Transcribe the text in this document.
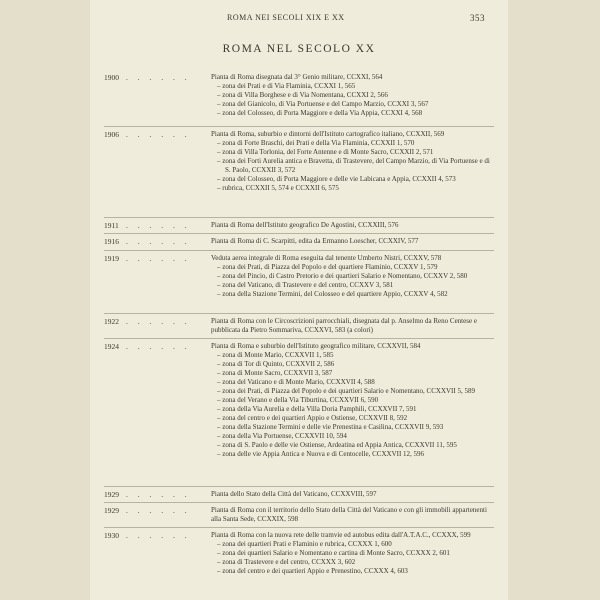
ROMA NEI SECOLI XIX E XX	353
ROMA NEL SECOLO XX
1900 . . . . . .	Pianta di Roma disegnata dal 3° Genio militare, CCXXI, 564
– zona dei Prati e di Via Flaminia, CCXXI 1, 565
– zona di Villa Borghese e di Via Nomentana, CCXXI 2, 566
– zona del Gianicolo, di Via Portuense e del Campo Marzio, CCXXI 3, 567
– zona del Colosseo, di Porta Maggiore e della Via Appia, CCXXI 4, 568
1906 . . . . . .	Pianta di Roma, suburbio e dintorni dell'Istituto cartografico italiano, CCXXII, 569
– zona di Forte Braschi, dei Prati e della Via Flaminia, CCXXII 1, 570
– zona di Villa Torlonia, del Forte Antenne e di Monte Sacro, CCXXII 2, 571
– zona dei Forti Aurelia antica e Bravetta, di Trastevere, del Campo Marzio, di Via Portuense e di S. Paolo, CCXXII 3, 572
– zona del Colosseo, di Porta Maggiore e delle vie Labicana e Appia, CCXXII 4, 573
– rubrica, CCXXII 5, 574 e CCXXII 6, 575
1911 . . . . . .	Pianta di Roma dell'Istituto geografico De Agostini, CCXXIII, 576
1916 . . . . . .	Pianta di Roma di C. Scarpitti, edita da Ermanno Loescher, CCXXIV, 577
1919 . . . . . .	Veduta aerea integrale di Roma eseguita dal tenente Umberto Nistri, CCXXV, 578
– zona dei Prati, di Piazza del Popolo e del quartiere Flaminio, CCXXV 1, 579
– zona del Pincio, di Castro Pretorio e dei quartieri Salario e Nomentano, CCXXV 2, 580
– zona del Vaticano, di Trastevere e del centro, CCXXV 3, 581
– zona della Stazione Termini, del Colosseo e del quartiere Appio, CCXXV 4, 582
1922 . . . . . .	Pianta di Roma con le Circoscrizioni parrocchiali, disegnata dal p. Anselmo da Reno Centese e pubblicata da Pietro Sommariva, CCXXVI, 583 (a colori)
1924 . . . . . .	Pianta di Roma e suburbio dell'Istituto geografico militare, CCXXVII, 584
– zona di Monte Mario, CCXXVII 1, 585
– zona di Tor di Quinto, CCXXVII 2, 586
– zona di Monte Sacro, CCXXVII 3, 587
– zona del Vaticano e di Monte Mario, CCXXVII 4, 588
– zona dei Prati, di Piazza del Popolo e dei quartieri Salario e Nomentano, CCXXVII 5, 589
– zona del Verano e della Via Tiburtina, CCXXVII 6, 590
– zona della Via Aurelia e della Villa Doria Pamphili, CCXXVII 7, 591
– zona del centro e dei quartieri Appio e Ostiense, CCXXVII 8, 592
– zona della Stazione Termini e delle vie Prenestina e Casilina, CCXXVII 9, 593
– zona della Via Portuense, CCXXVII 10, 594
– zona di S. Paolo e delle vie Ostiense, Ardeatina ed Appia Antica, CCXXVII 11, 595
– zona delle vie Appia Antica e Nuova e di Centocelle, CCXXVII 12, 596
1929 . . . . . .	Pianta dello Stato della Città del Vaticano, CCXXVIII, 597
1929 . . . . . .	Pianta di Roma con il territorio dello Stato della Città del Vaticano e con gli immobili appartenenti alla Santa Sede, CCXXIX, 598
1930 . . . . . .	Pianta di Roma con la nuova rete delle tramvie ed autobus edita dall'A.T.A.C., CCXXX, 599
– zona dei quartieri Prati e Flaminio e rubrica, CCXXX 1, 600
– zona dei quartieri Salario e Nomentano e cartina di Monte Sacro, CCXXX 2, 601
– zona di Trastevere e del centro, CCXXX 3, 602
– zona del centro e dei quartieri Appio e Prenestino, CCXXX 4, 603
